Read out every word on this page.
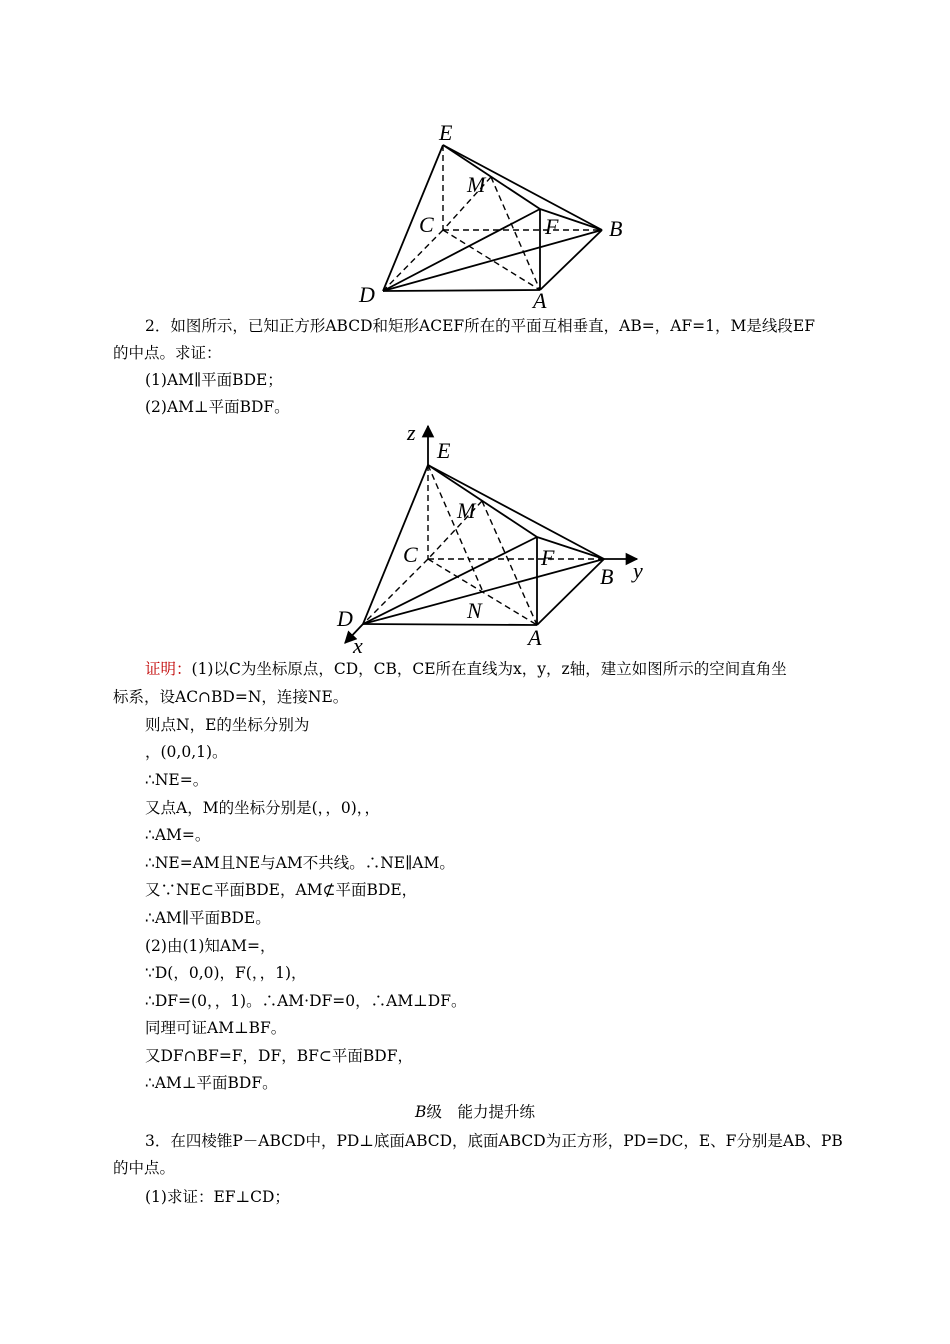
E
M
C	F B
D	A
2．如图所示，已知正方形ABCD和矩形ACEF所在的平面互相垂直，AB=，AF=1，M是线段EF
的中点。求证：
(1)AM∥平面BDE；
(2)AM⊥平面BDF。
z
E
M
C	F
B y
D
x
N
A
证明：(1)以C为坐标原点，CD，CB，CE所在直线为x，y，z轴，建立如图所示的空间直角坐
标系，设AC∩BD=N，连接NE。
则点N，E的坐标分别为
，(0,0,1)。
∴NE=。
又点A，M的坐标分别是(，，0)，，
∴AM=。
∴NE=AM且NE与AM不共线。∴NE∥AM。
又∵NE⊂平面BDE，AM⊄平面BDE，
∴AM∥平面BDE。
(2)由(1)知AM=，
∵D(，0,0)，F(，，1)，
∴DF=(0，，1)。∴AM·DF=0，∴AM⊥DF。
同理可证AM⊥BF。
又DF∩BF=F，DF，BF⊂平面BDF，
∴AM⊥平面BDF。
B级　能力提升练
3．在四棱锥P－ABCD中，PD⊥底面ABCD，底面ABCD为正方形，PD=DC，E、F分别是AB、PB
的中点。
(1)求证：EF⊥CD；
